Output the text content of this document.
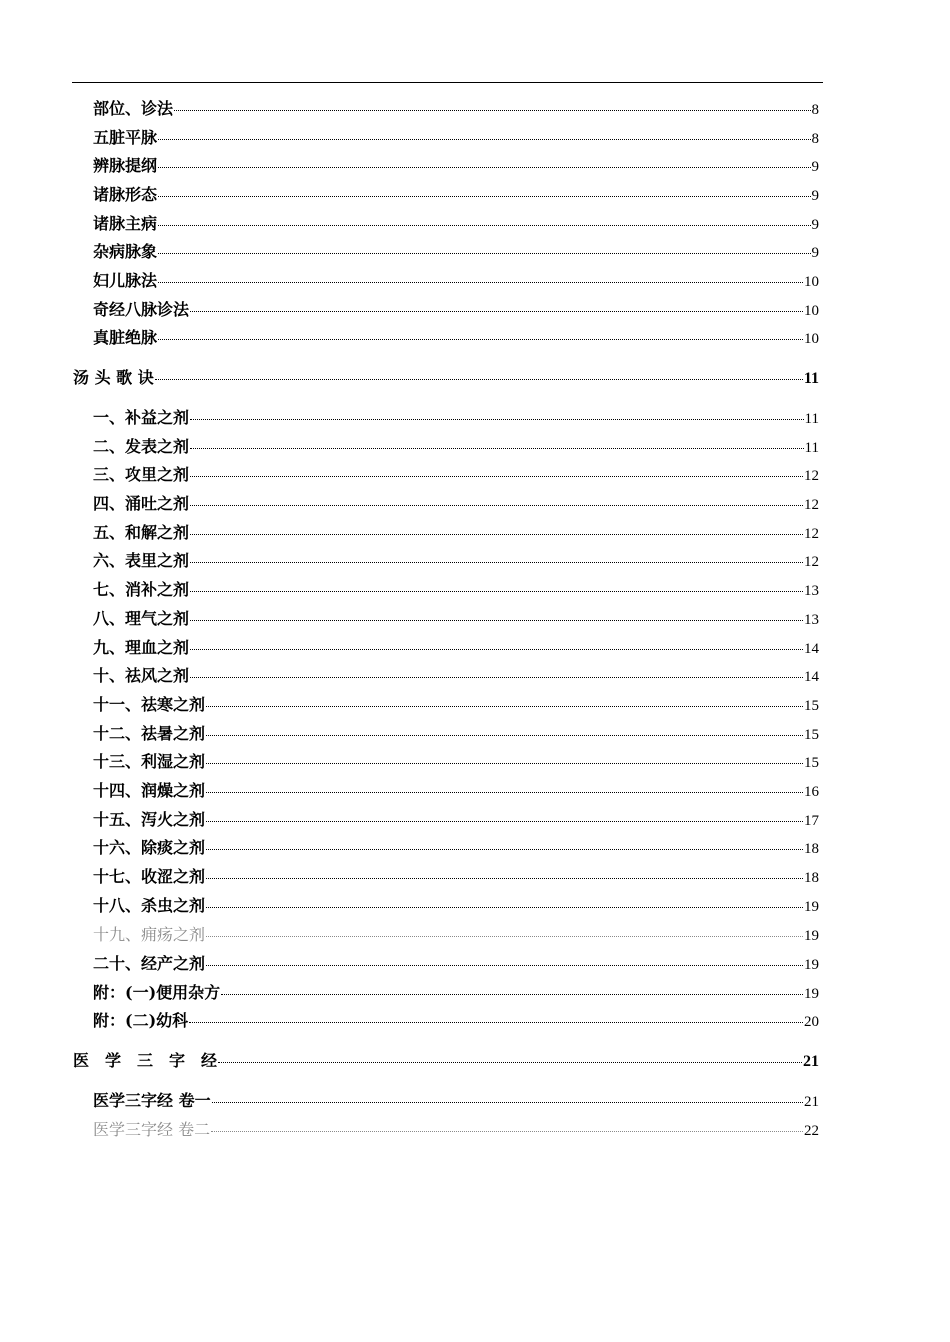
部位、诊法	8
五脏平脉	8
辨脉提纲	9
诸脉形态	9
诸脉主病	9
杂病脉象	9
妇儿脉法	10
奇经八脉诊法	10
真脏绝脉	10
汤 头 歌 诀	11
一、补益之剂	11
二、发表之剂	11
三、攻里之剂	12
四、涌吐之剂	12
五、和解之剂	12
六、表里之剂	12
七、消补之剂	13
八、理气之剂	13
九、理血之剂	14
十、祛风之剂	14
十一、祛寒之剂	15
十二、祛暑之剂	15
十三、利湿之剂	15
十四、润燥之剂	16
十五、泻火之剂	17
十六、除痰之剂	18
十七、收涩之剂	18
十八、杀虫之剂	19
十九、痈疡之剂	19
二十、经产之剂	19
附：(一)便用杂方	19
附：(二)幼科	20
医　学　三　字　经	21
医学三字经 卷一	21
医学三字经 卷二	22
